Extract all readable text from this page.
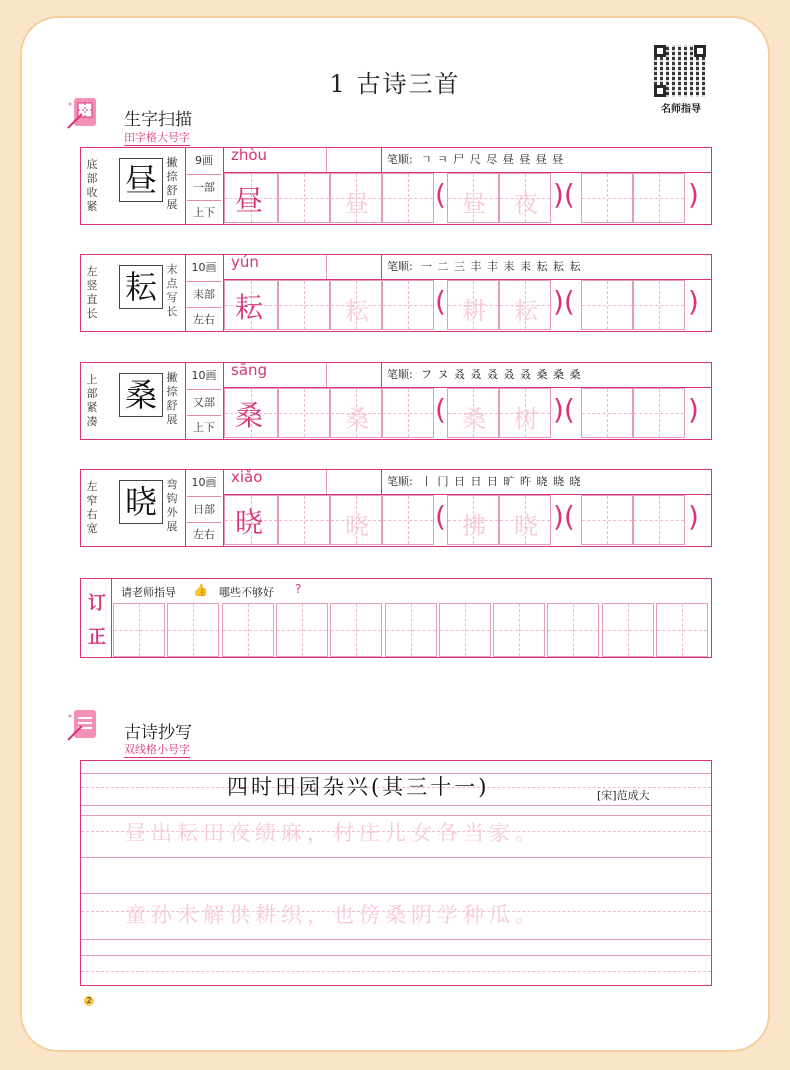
1 古诗三首
名师指导
生字扫描
田字格大号字
底部收紧
昼 撇捺舒展
9画
一部
上下
zhòu	笔顺: ㄱ ㅋ 尸 尺 尽 昼 昼 昼 昼
昼	昼 ( 昼 夜 )(	)
左竖直长
耘 末点写长
10画
耒部
左右
yún	笔顺: 一 二 三 丰 丰 耒 耒 耘 耘 耘
耘	耘 ( 耕 耘 )(	)
上部紧凑
桑 撇捺舒展
10画
又部
上下
sāng	笔顺: フ ヌ 叒 叒 叒 叒 叒 桑 桑 桑
桑	桑 ( 桑 树 )(	)
左窄右宽
晓 弯钩外展
10画
日部
左右
xiǎo	笔顺: 丨 冂 日 日 日 旷 旿 晓 晓 晓
晓	晓 ( 拂 晓 )(	)
订
正
请老师指导 👍 哪些不够好 ?
古诗抄写
双线格小号字
四时田园杂兴(其三十一)	[宋]范成大
昼出耘田夜绩麻，村庄儿女各当家。
童孙未解供耕织，也傍桑阴学种瓜。
2
